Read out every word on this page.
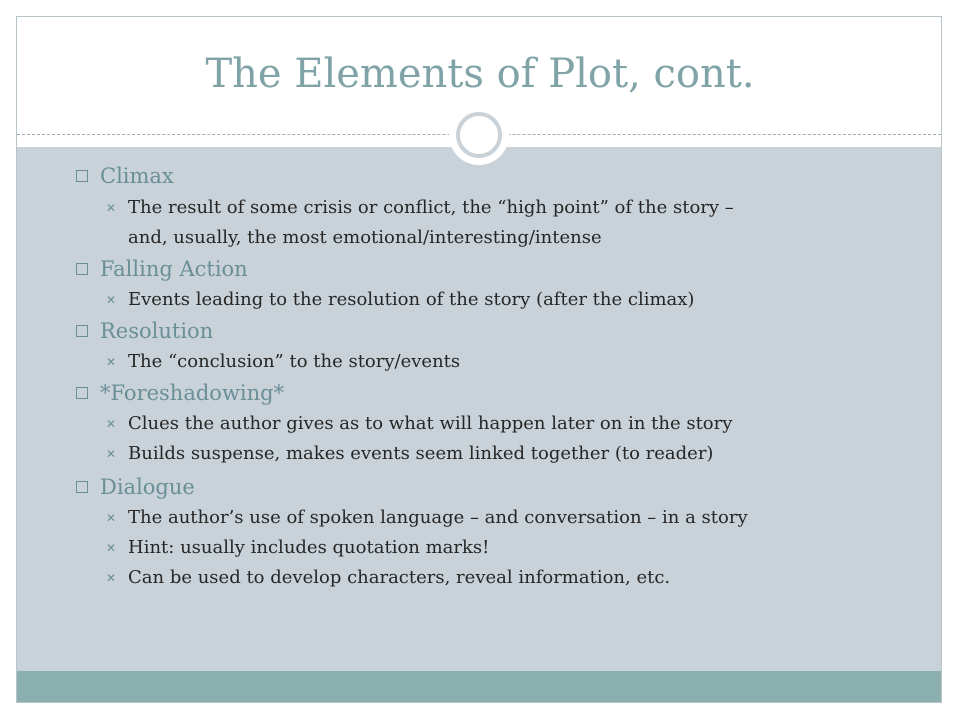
The Elements of Plot, cont.
Climax
✕ The result of some crisis or conflict, the “high point” of the story –
and, usually, the most emotional/interesting/intense
Falling Action
✕ Events leading to the resolution of the story (after the climax)
Resolution
✕ The “conclusion” to the story/events
*Foreshadowing*
✕ Clues the author gives as to what will happen later on in the story
✕ Builds suspense, makes events seem linked together (to reader)
Dialogue
✕ The author’s use of spoken language – and conversation – in a story
✕ Hint: usually includes quotation marks!
✕ Can be used to develop characters, reveal information, etc.
